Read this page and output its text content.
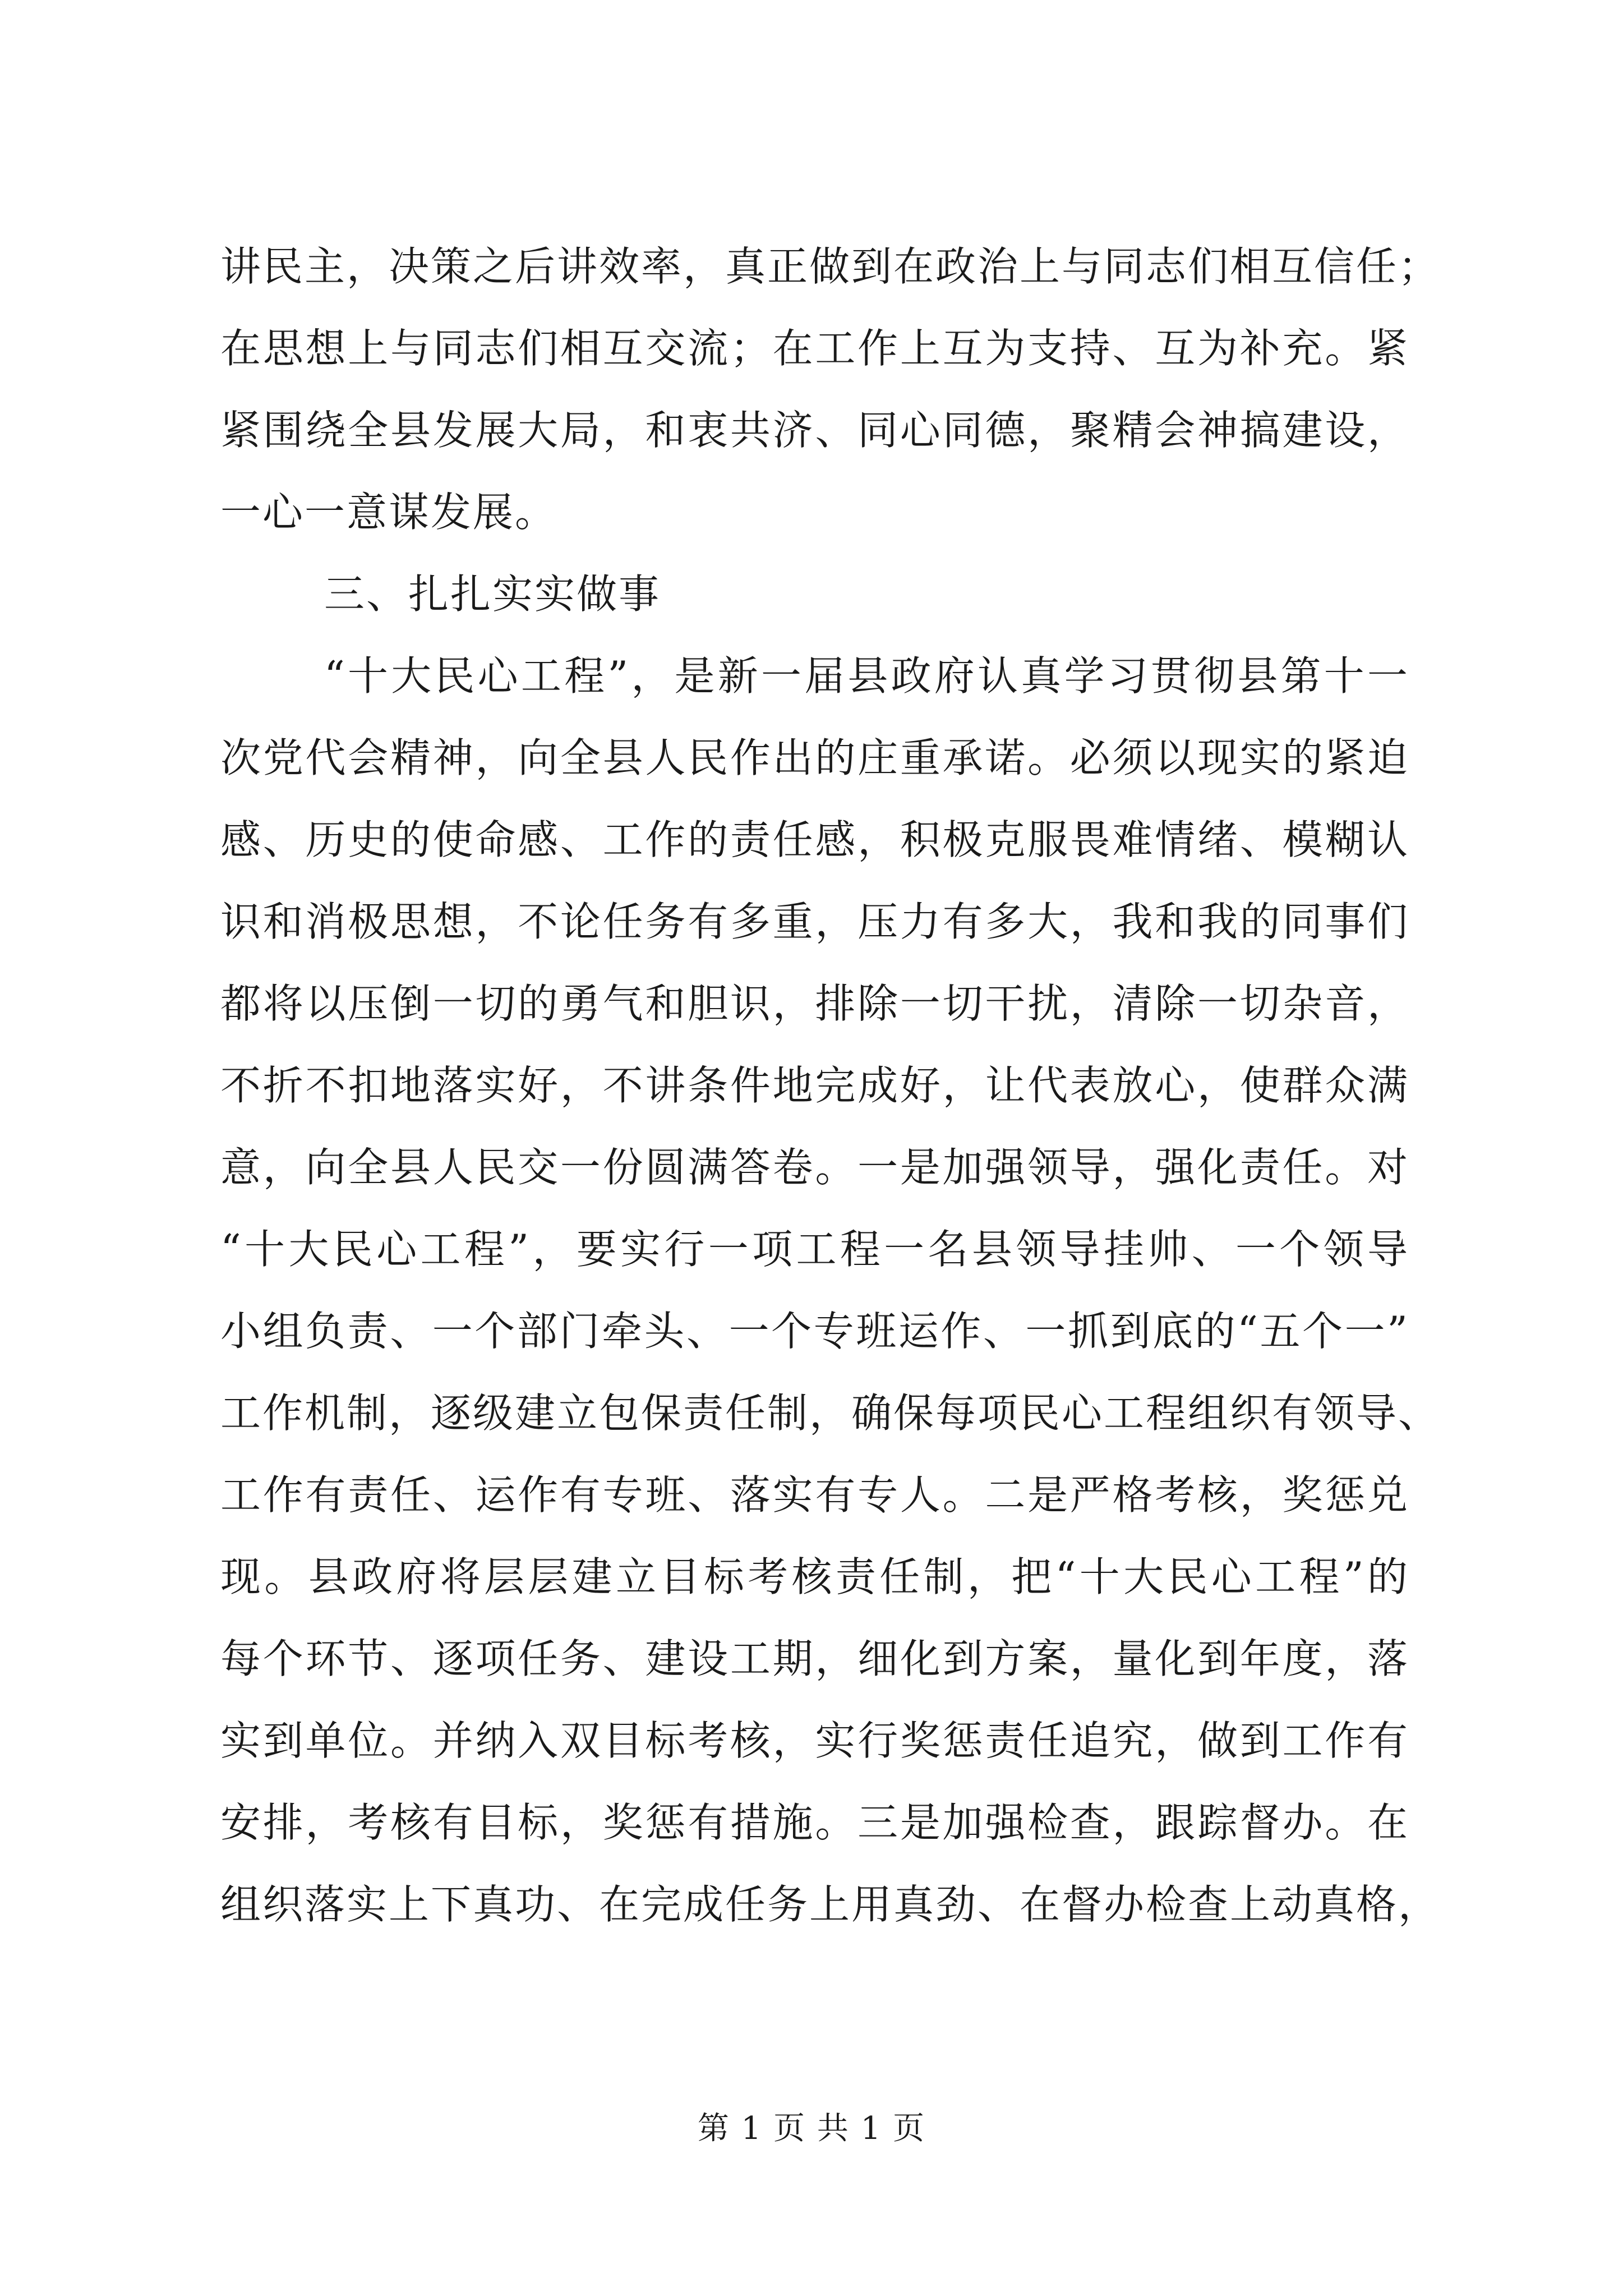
讲民主，决策之后讲效率，真正做到在政治上与同志们相互信任；
在思想上与同志们相互交流；在工作上互为支持、互为补充。紧
紧围绕全县发展大局，和衷共济、同心同德，聚精会神搞建设，
一心一意谋发展。
三、扎扎实实做事
“十大民心工程”，是新一届县政府认真学习贯彻县第十一
次党代会精神，向全县人民作出的庄重承诺。必须以现实的紧迫
感、历史的使命感、工作的责任感，积极克服畏难情绪、模糊认
识和消极思想，不论任务有多重，压力有多大，我和我的同事们
都将以压倒一切的勇气和胆识，排除一切干扰，清除一切杂音，
不折不扣地落实好，不讲条件地完成好，让代表放心，使群众满
意，向全县人民交一份圆满答卷。一是加强领导，强化责任。对
“十大民心工程”，要实行一项工程一名县领导挂帅、一个领导
小组负责、一个部门牵头、一个专班运作、一抓到底的“五个一”
工作机制，逐级建立包保责任制，确保每项民心工程组织有领导、
工作有责任、运作有专班、落实有专人。二是严格考核，奖惩兑
现。县政府将层层建立目标考核责任制，把“十大民心工程”的
每个环节、逐项任务、建设工期，细化到方案，量化到年度，落
实到单位。并纳入双目标考核，实行奖惩责任追究，做到工作有
安排，考核有目标，奖惩有措施。三是加强检查，跟踪督办。在
组织落实上下真功、在完成任务上用真劲、在督办检查上动真格，
第 1 页 共 1 页
